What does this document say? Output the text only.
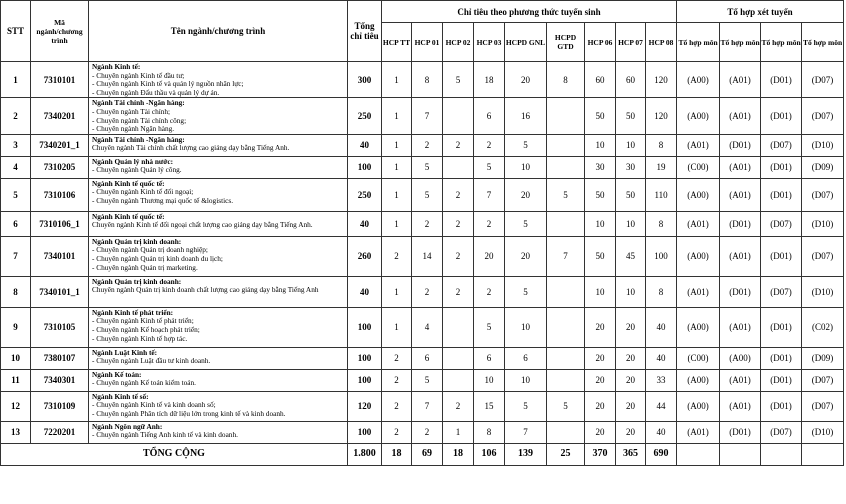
STT	Mã ngành/chương trình	Tên ngành/chương trình	Tổng chỉ tiêu	Chỉ tiêu theo phương thức tuyển sinh									Tổ hợp xét tuyển			
				HCP TT	HCP 01	HCP 02	HCP 03	HCPD GNL	HCPD GTD	HCP 06	HCP 07	HCP 08	Tổ hợp môn	Tổ hợp môn	Tổ hợp môn	Tổ hợp môn
1	7310101	Ngành Kinh tế:
- Chuyên ngành Kinh tế đầu tư;
- Chuyên ngành Kinh tế và quản lý nguồn nhân lực;
- Chuyên ngành Đấu thầu và quản lý dự án.	300	1	8	5	18	20	8	60	60	120	(A00)	(A01)	(D01)	(D07)
2	7340201	Ngành Tài chính -Ngân hàng:
- Chuyên ngành Tài chính;
- Chuyên ngành Tài chính công;
- Chuyên ngành Ngân hàng.	250	1	7		6	16		50	50	120	(A00)	(A01)	(D01)	(D07)
3	7340201_1	Ngành Tài chính -Ngân hàng:
Chuyên ngành Tài chính chất lượng cao giảng dạy bằng Tiếng Anh.	40	1	2	2	2	5		10	10	8	(A01)	(D01)	(D07)	(D10)
4	7310205	Ngành Quản lý nhà nước:
- Chuyên ngành Quản lý công.	100	1	5		5	10		30	30	19	(C00)	(A01)	(D01)	(D09)
5	7310106	Ngành Kinh tế quốc tế:
- Chuyên ngành Kinh tế đối ngoại;
- Chuyên ngành Thương mại quốc tế &logistics.	250	1	5	2	7	20	5	50	50	110	(A00)	(A01)	(D01)	(D07)
6	7310106_1	Ngành Kinh tế quốc tế:
Chuyên ngành Kinh tế đối ngoại chất lượng cao giảng dạy bằng Tiếng Anh.	40	1	2	2	2	5		10	10	8	(A01)	(D01)	(D07)	(D10)
7	7340101	Ngành Quản trị kinh doanh:
- Chuyên ngành Quản trị doanh nghiệp;
- Chuyên ngành Quản trị kinh doanh du lịch;
- Chuyên ngành Quản trị marketing.	260	2	14	2	20	20	7	50	45	100	(A00)	(A01)	(D01)	(D07)
8	7340101_1	Ngành Quản trị kinh doanh:
Chuyên ngành Quản trị kinh doanh chất lượng cao giảng dạy bằng Tiếng Anh	40	1	2	2	2	5		10	10	8	(A01)	(D01)	(D07)	(D10)
9	7310105	Ngành Kinh tế phát triển:
- Chuyên ngành Kinh tế phát triển;
- Chuyên ngành Kế hoạch phát triển;
- Chuyên ngành Kinh tế hợp tác.	100	1	4		5	10		20	20	40	(A00)	(A01)	(D01)	(C02)
10	7380107	Ngành Luật Kinh tế:
- Chuyên ngành Luật đầu tư kinh doanh.	100	2	6		6	6		20	20	40	(C00)	(A00)	(D01)	(D09)
11	7340301	Ngành Kế toán:
- Chuyên ngành Kế toán kiểm toán.	100	2	5		10	10		20	20	33	(A00)	(A01)	(D01)	(D07)
12	7310109	Ngành Kinh tế số:
- Chuyên ngành Kinh tế và kinh doanh số;
- Chuyên ngành Phân tích dữ liệu lớn trong kinh tế và kinh doanh.	120	2	7	2	15	5	5	20	20	44	(A00)	(A01)	(D01)	(D07)
13	7220201	Ngành Ngôn ngữ Anh:
- Chuyên ngành Tiếng Anh kinh tế và kinh doanh.	100	2	2	1	8	7		20	20	40	(A01)	(D01)	(D07)	(D10)
TỔNG CỘNG			1.800	18	69	18	106	139	25	370	365	690				
